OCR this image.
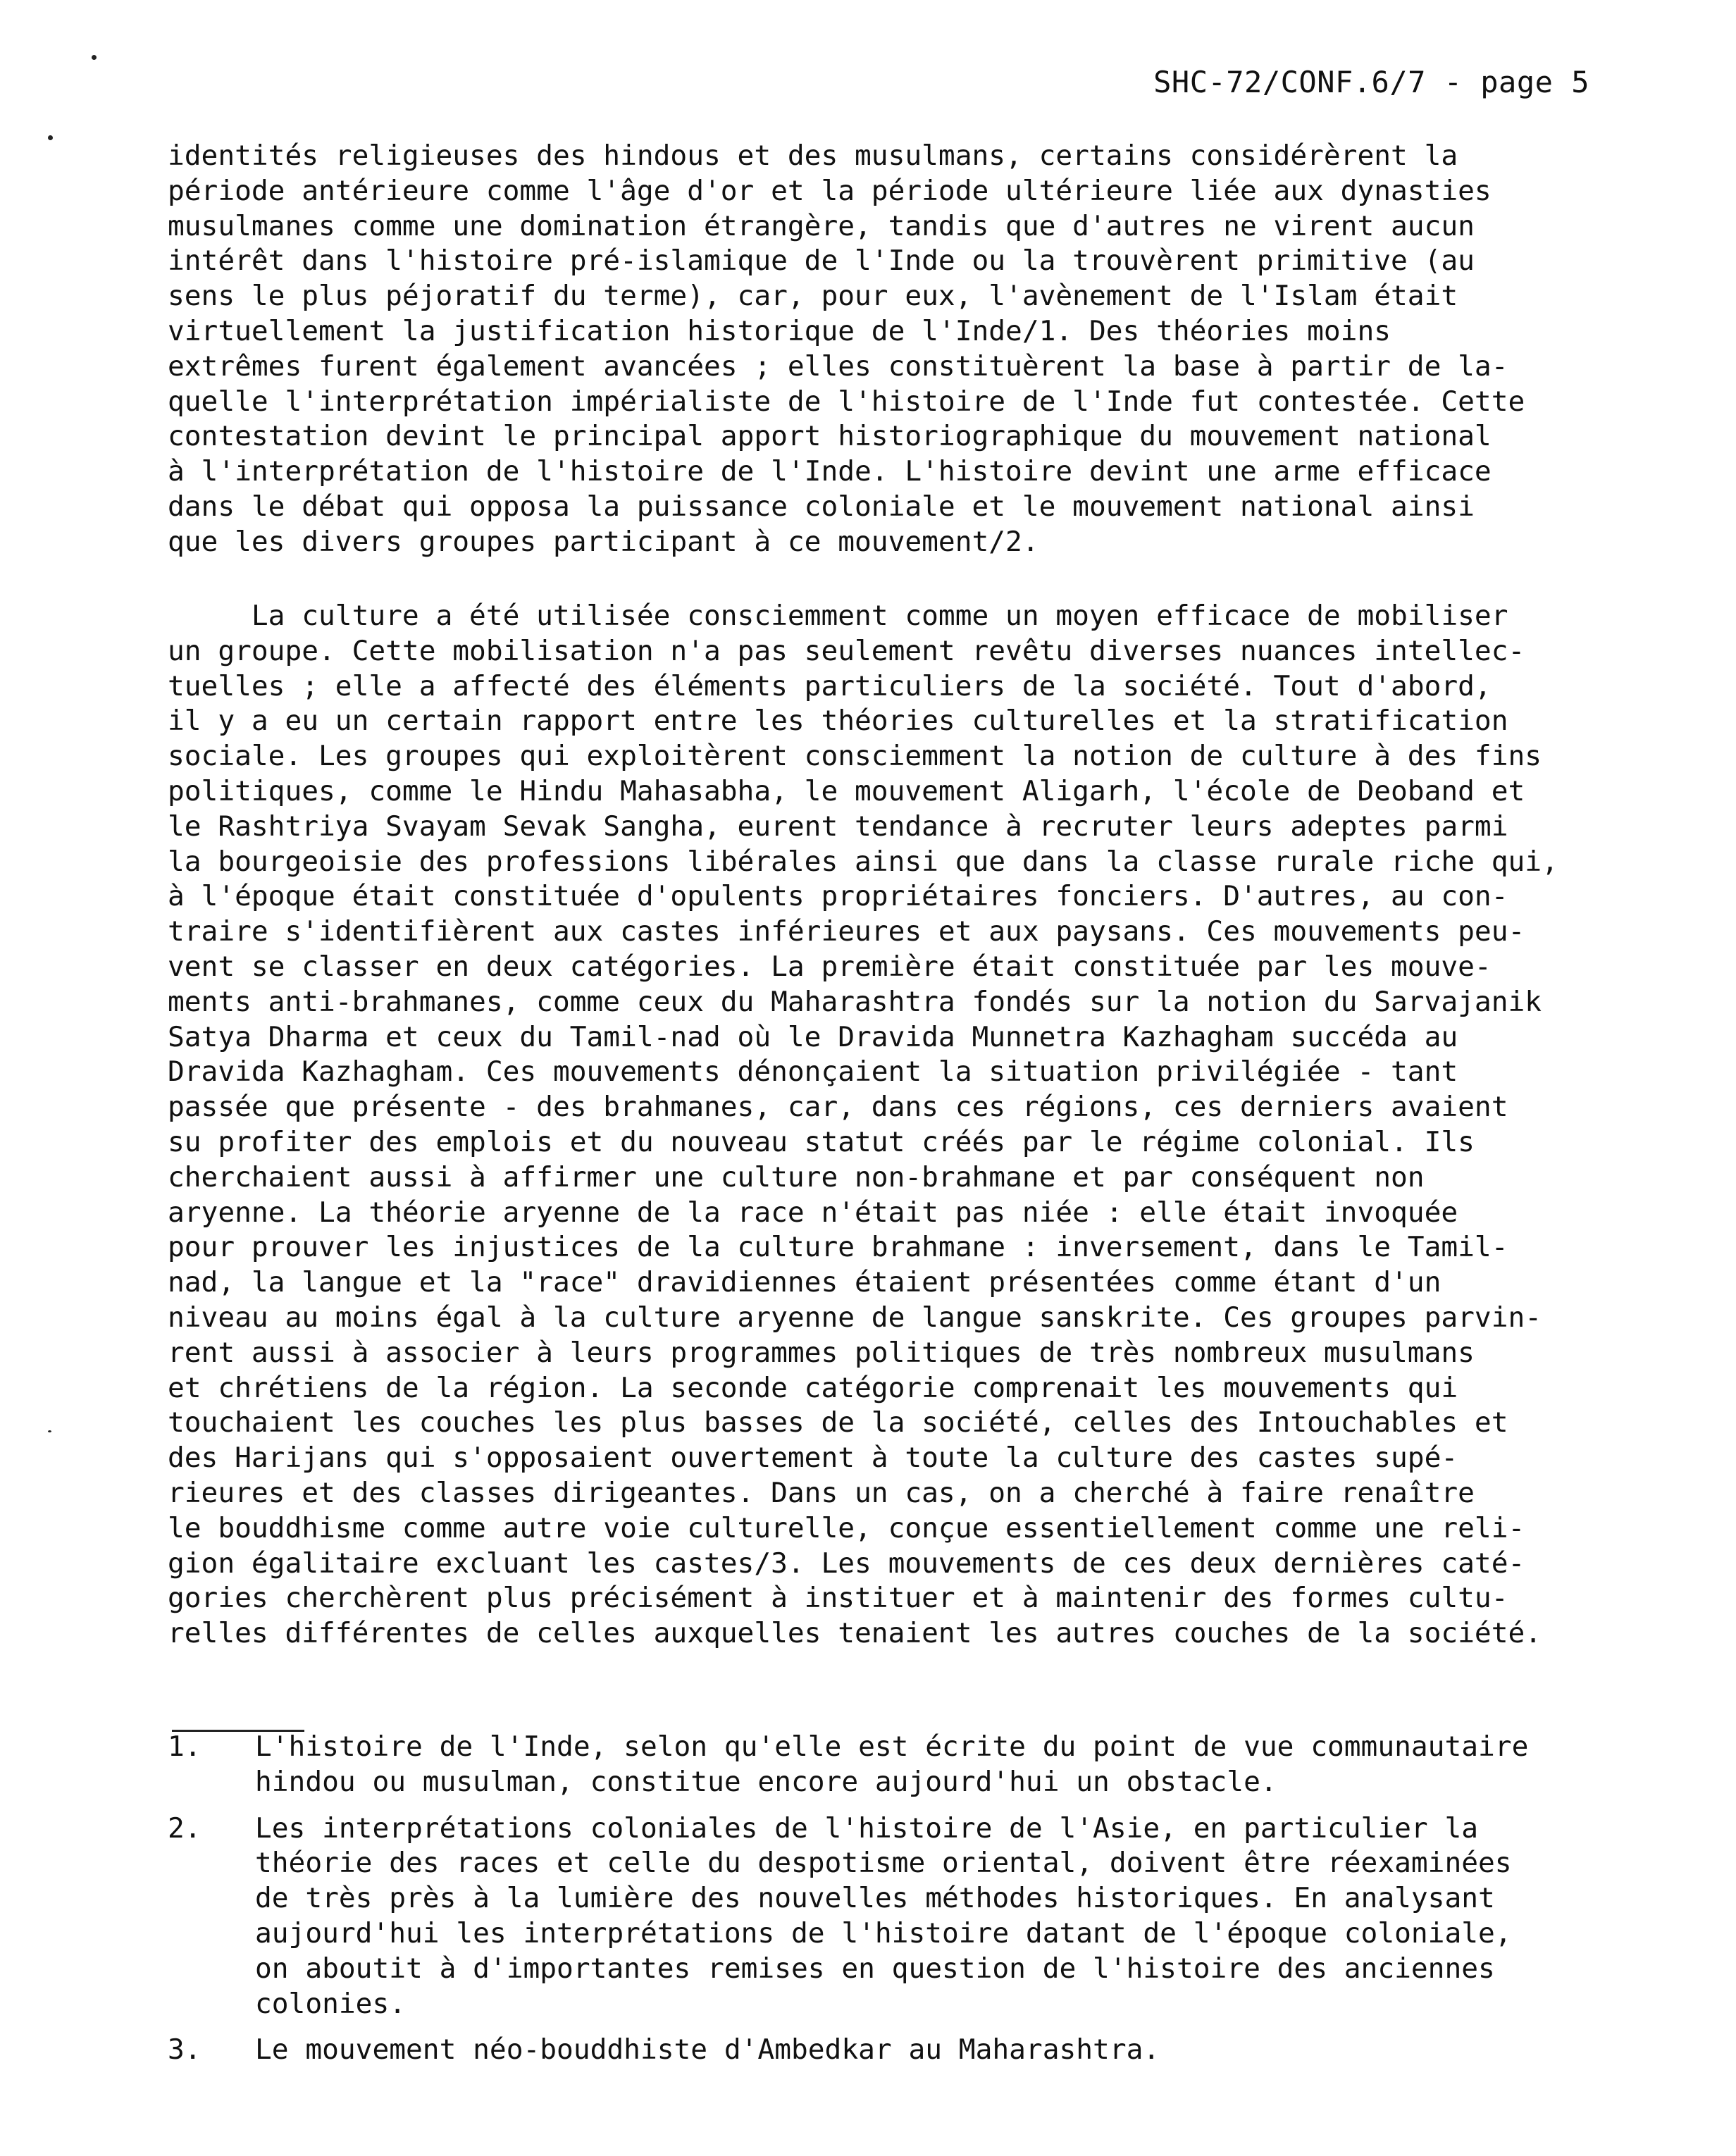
SHC-72/CONF.6/7 - page 5
identités religieuses des hindous et des musulmans, certains considérèrent la
période antérieure comme l'âge d'or et la période ultérieure liée aux dynasties
musulmanes comme une domination étrangère, tandis que d'autres ne virent aucun
intérêt dans l'histoire pré-islamique de l'Inde ou la trouvèrent primitive (au
sens le plus péjoratif du terme), car, pour eux, l'avènement de l'Islam était
virtuellement la justification historique de l'Inde/1. Des théories moins
extrêmes furent également avancées ; elles constituèrent la base à partir de la-
quelle l'interprétation impérialiste de l'histoire de l'Inde fut contestée. Cette
contestation devint le principal apport historiographique du mouvement national
à l'interprétation de l'histoire de l'Inde. L'histoire devint une arme efficace
dans le débat qui opposa la puissance coloniale et le mouvement national ainsi
que les divers groupes participant à ce mouvement/2.
La culture a été utilisée consciemment comme un moyen efficace de mobiliser
un groupe. Cette mobilisation n'a pas seulement revêtu diverses nuances intellec-
tuelles ; elle a affecté des éléments particuliers de la société. Tout d'abord,
il y a eu un certain rapport entre les théories culturelles et la stratification
sociale. Les groupes qui exploitèrent consciemment la notion de culture à des fins
politiques, comme le Hindu Mahasabha, le mouvement Aligarh, l'école de Deoband et
le Rashtriya Svayam Sevak Sangha, eurent tendance à recruter leurs adeptes parmi
la bourgeoisie des professions libérales ainsi que dans la classe rurale riche qui,
à l'époque était constituée d'opulents propriétaires fonciers. D'autres, au con-
traire s'identifièrent aux castes inférieures et aux paysans. Ces mouvements peu-
vent se classer en deux catégories. La première était constituée par les mouve-
ments anti-brahmanes, comme ceux du Maharashtra fondés sur la notion du Sarvajanik
Satya Dharma et ceux du Tamil-nad où le Dravida Munnetra Kazhagham succéda au
Dravida Kazhagham. Ces mouvements dénonçaient la situation privilégiée - tant
passée que présente - des brahmanes, car, dans ces régions, ces derniers avaient
su profiter des emplois et du nouveau statut créés par le régime colonial. Ils
cherchaient aussi à affirmer une culture non-brahmane et par conséquent non
aryenne. La théorie aryenne de la race n'était pas niée : elle était invoquée
pour prouver les injustices de la culture brahmane : inversement, dans le Tamil-
nad, la langue et la "race" dravidiennes étaient présentées comme étant d'un
niveau au moins égal à la culture aryenne de langue sanskrite. Ces groupes parvin-
rent aussi à associer à leurs programmes politiques de très nombreux musulmans
et chrétiens de la région. La seconde catégorie comprenait les mouvements qui
touchaient les couches les plus basses de la société, celles des Intouchables et
des Harijans qui s'opposaient ouvertement à toute la culture des castes supé-
rieures et des classes dirigeantes. Dans un cas, on a cherché à faire renaître
le bouddhisme comme autre voie culturelle, conçue essentiellement comme une reli-
gion égalitaire excluant les castes/3. Les mouvements de ces deux dernières caté-
gories cherchèrent plus précisément à instituer et à maintenir des formes cultu-
relles différentes de celles auxquelles tenaient les autres couches de la société.
1. L'histoire de l'Inde, selon qu'elle est écrite du point de vue communautaire
hindou ou musulman, constitue encore aujourd'hui un obstacle.
2. Les interprétations coloniales de l'histoire de l'Asie, en particulier la
théorie des races et celle du despotisme oriental, doivent être réexaminées
de très près à la lumière des nouvelles méthodes historiques. En analysant
aujourd'hui les interprétations de l'histoire datant de l'époque coloniale,
on aboutit à d'importantes remises en question de l'histoire des anciennes
colonies.
3. Le mouvement néo-bouddhiste d'Ambedkar au Maharashtra.
